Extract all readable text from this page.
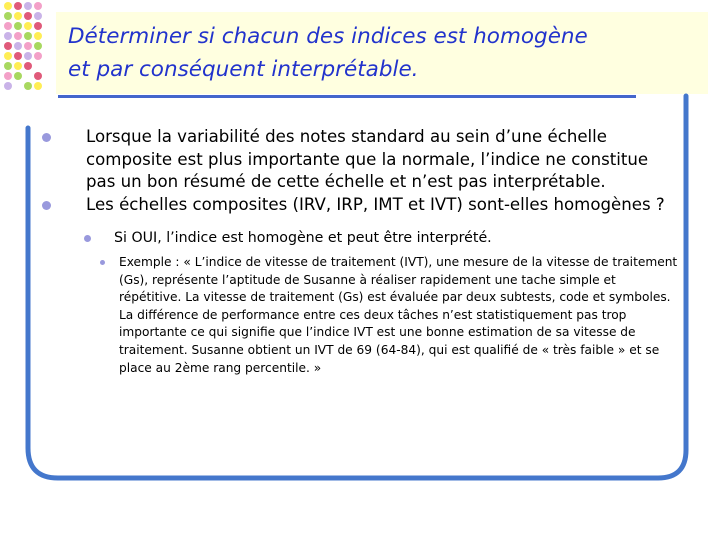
Déterminer si chacun des indices est homogène
et par conséquent interprétable.
Lorsque la variabilité des notes standard au sein d’une échelle composite est plus importante que la normale, l’indice ne constitue pas un bon résumé de cette échelle et n’est pas interprétable.
Les échelles composites (IRV, IRP, IMT et IVT) sont-elles homogènes ?
Si OUI, l’indice est homogène et peut être interprété.
Exemple : « L’indice de vitesse de traitement (IVT), une mesure de la vitesse de traitement (Gs), représente l’aptitude de Susanne à réaliser rapidement une tache simple et répétitive. La vitesse de traitement (Gs) est évaluée par deux subtests, code et symboles. La différence de performance entre ces deux tâches n’est statistiquement pas trop importante ce qui signifie que l’indice IVT est une bonne estimation de sa vitesse de traitement. Susanne obtient un IVT de 69 (64-84), qui est qualifié de « très faible » et se place au 2ème rang percentile. »
